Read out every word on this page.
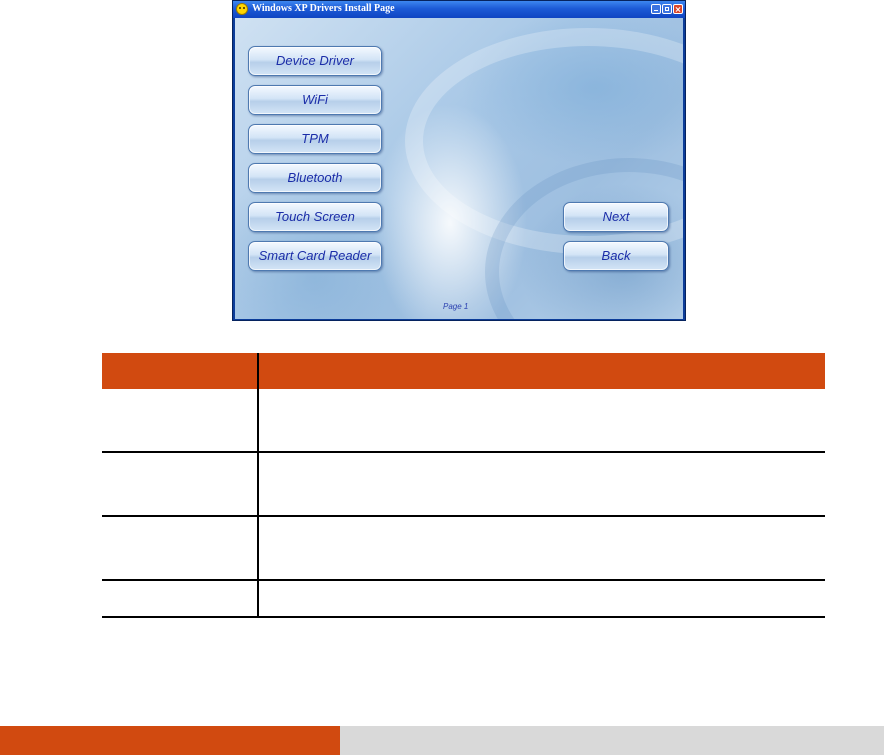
Windows XP Drivers Install Page
Device Driver
WiFi
TPM
Bluetooth
Touch Screen
Smart Card Reader
Next
Back
Page 1
